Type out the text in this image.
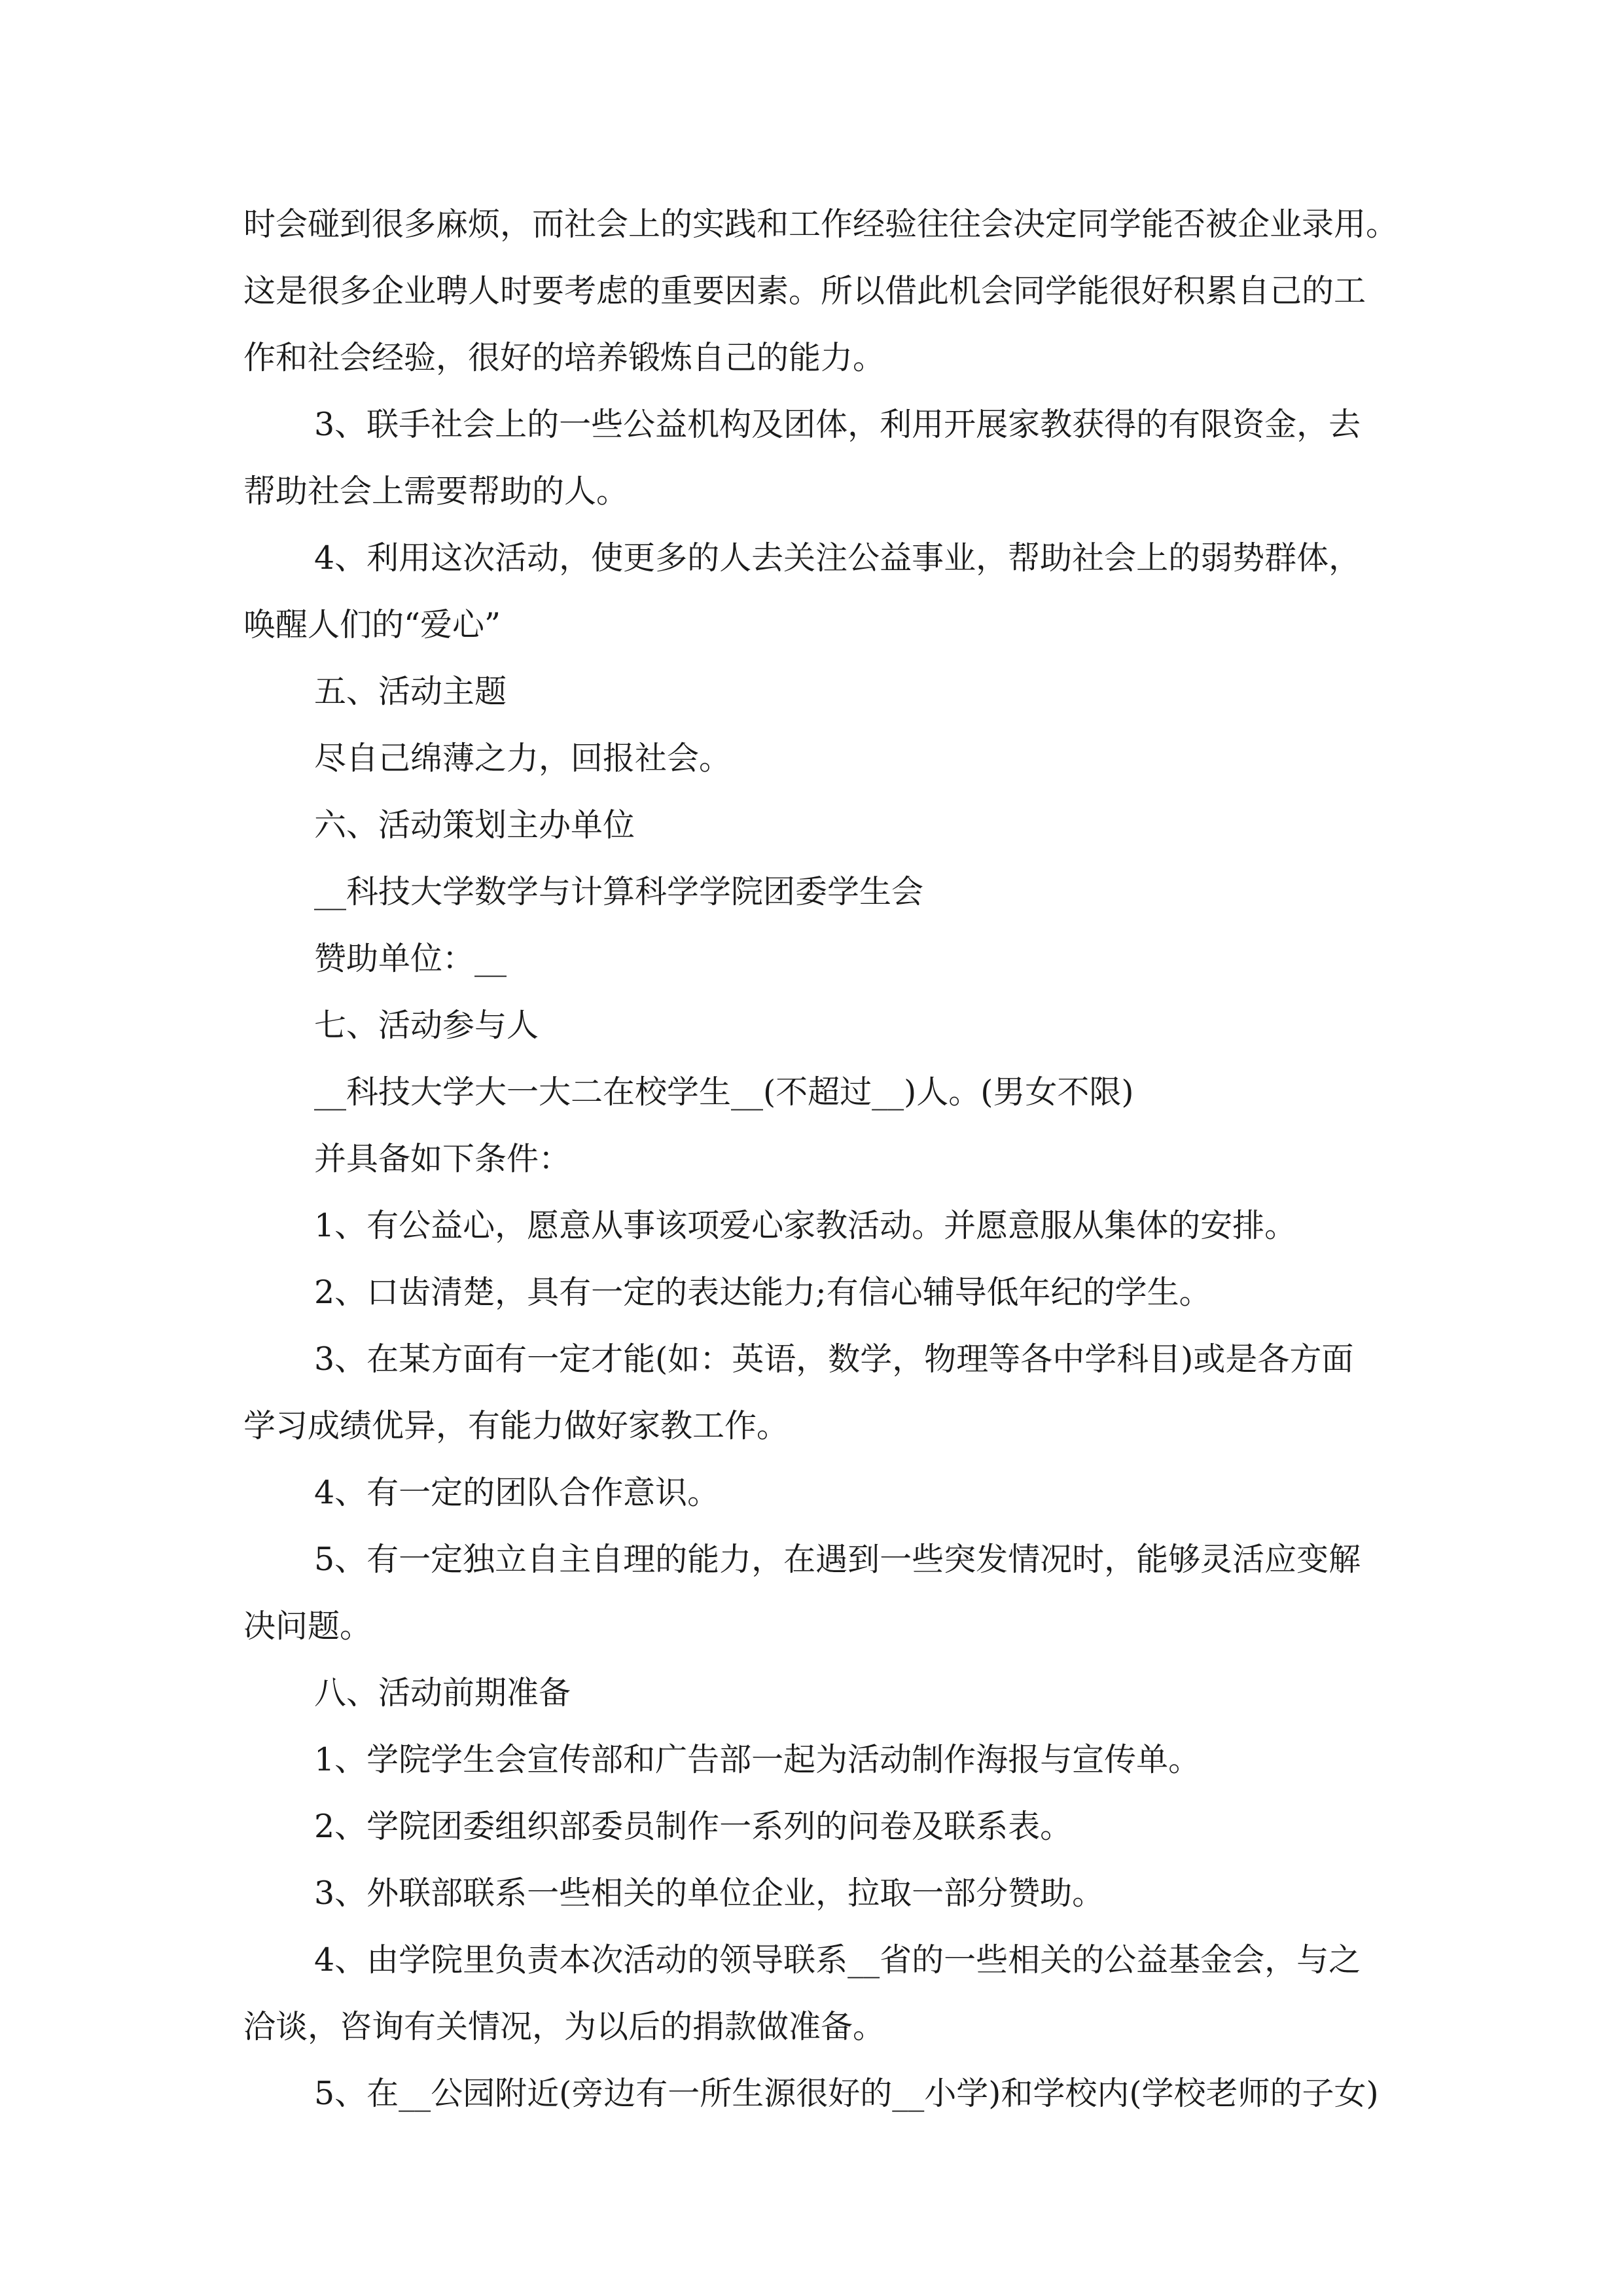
时会碰到很多麻烦，而社会上的实践和工作经验往往会决定同学能否被企业录用。
这是很多企业聘人时要考虑的重要因素。所以借此机会同学能很好积累自己的工
作和社会经验，很好的培养锻炼自己的能力。
3、联手社会上的一些公益机构及团体，利用开展家教获得的有限资金，去
帮助社会上需要帮助的人。
4、利用这次活动，使更多的人去关注公益事业，帮助社会上的弱势群体，
唤醒人们的“爱心”
五、活动主题
尽自己绵薄之力，回报社会。
六、活动策划主办单位
__科技大学数学与计算科学学院团委学生会
赞助单位：__
七、活动参与人
__科技大学大一大二在校学生__(不超过__)人。(男女不限)
并具备如下条件：
1、有公益心，愿意从事该项爱心家教活动。并愿意服从集体的安排。
2、口齿清楚，具有一定的表达能力;有信心辅导低年纪的学生。
3、在某方面有一定才能(如：英语，数学，物理等各中学科目)或是各方面
学习成绩优异，有能力做好家教工作。
4、有一定的团队合作意识。
5、有一定独立自主自理的能力，在遇到一些突发情况时，能够灵活应变解
决问题。
八、活动前期准备
1、学院学生会宣传部和广告部一起为活动制作海报与宣传单。
2、学院团委组织部委员制作一系列的问卷及联系表。
3、外联部联系一些相关的单位企业，拉取一部分赞助。
4、由学院里负责本次活动的领导联系__省的一些相关的公益基金会，与之
洽谈，咨询有关情况，为以后的捐款做准备。
5、在__公园附近(旁边有一所生源很好的__小学)和学校内(学校老师的子女)
